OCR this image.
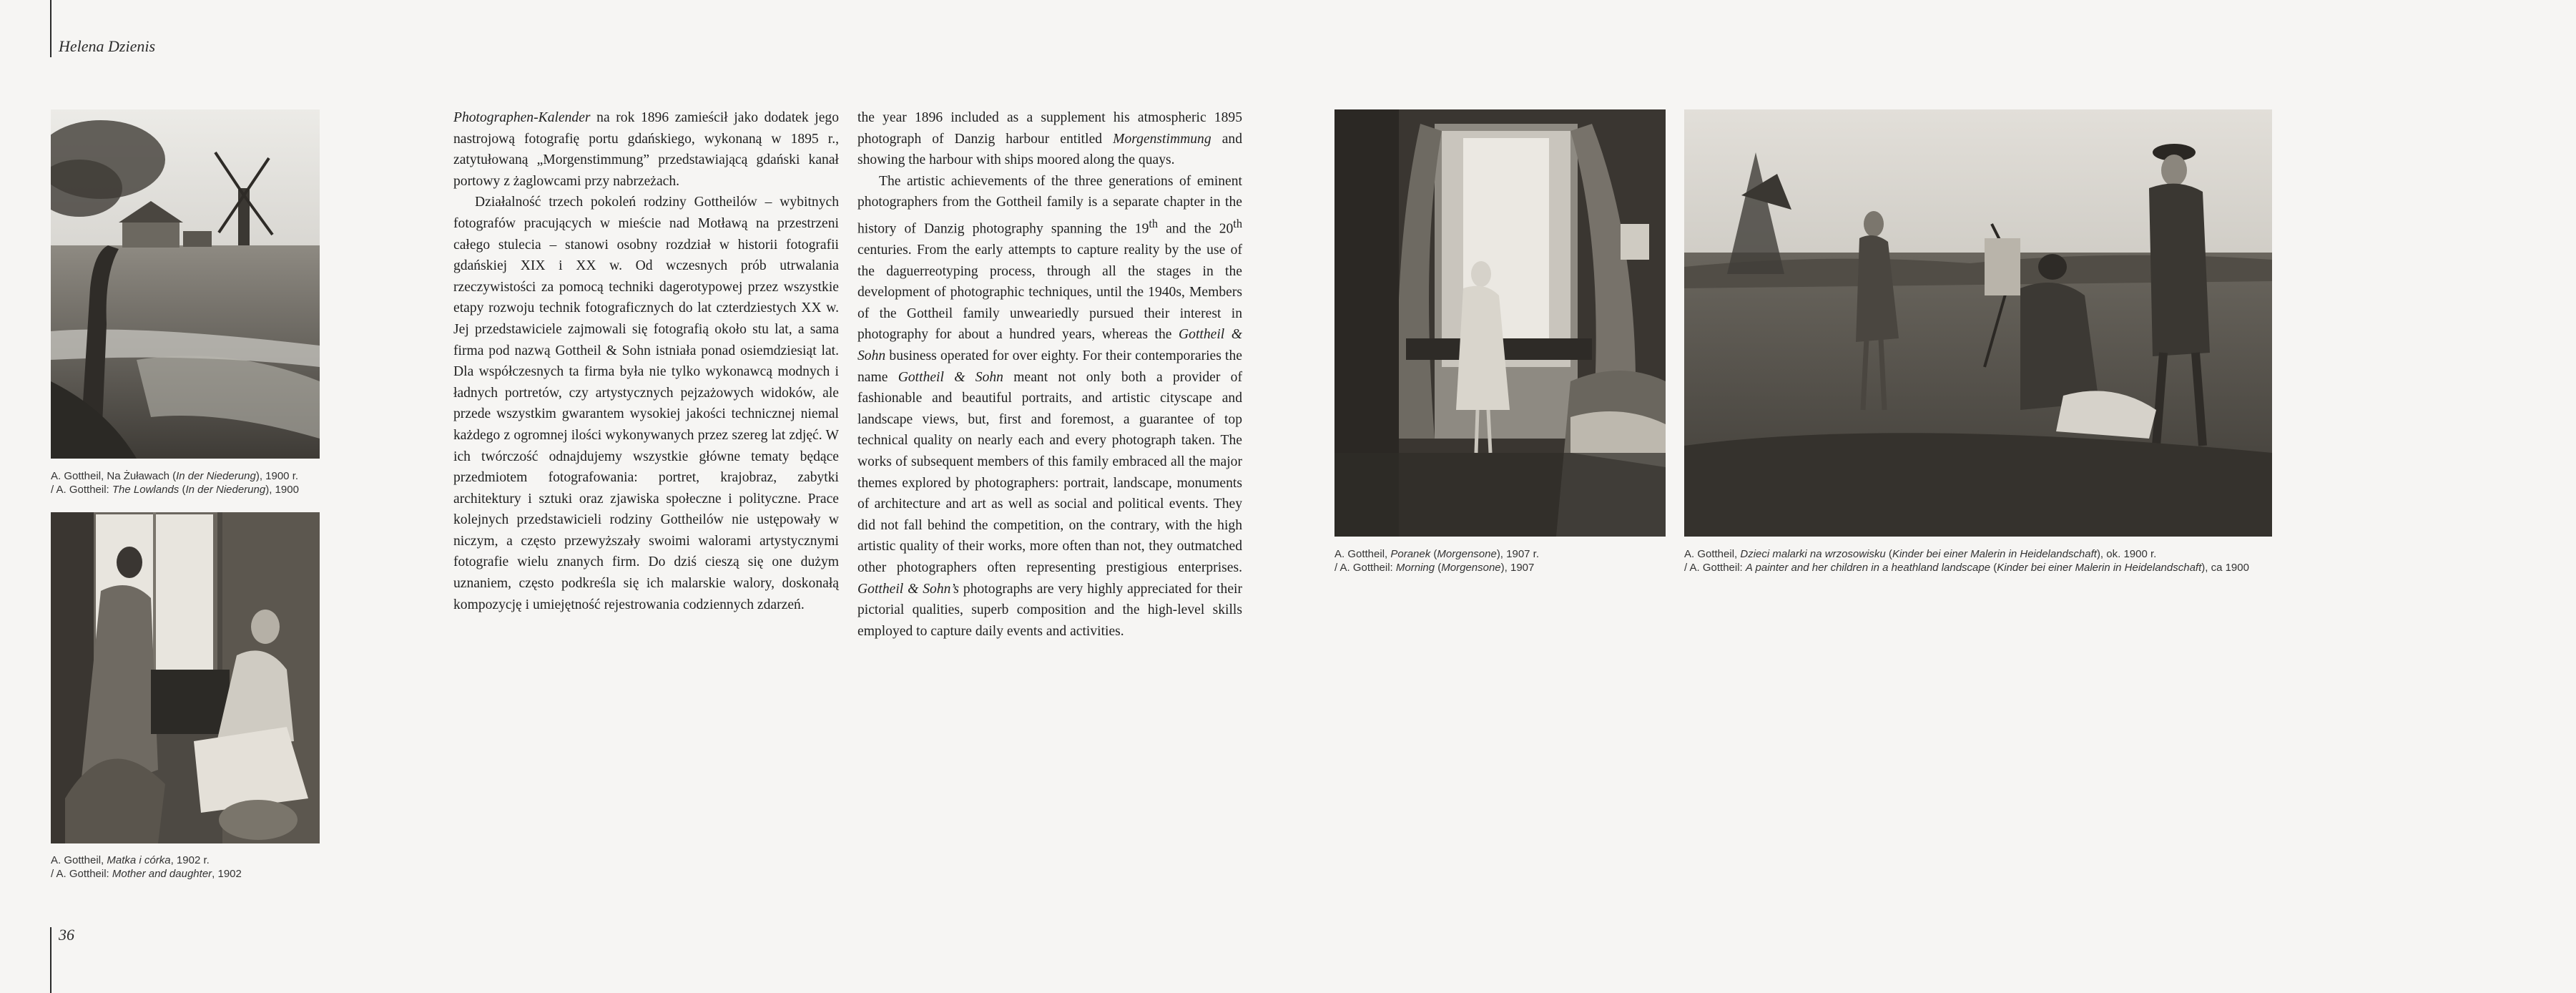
Helena Dzienis
36
A. Gottheil, Na Żuławach (In der Niederung), 1900 r.
/ A. Gottheil: The Lowlands (In der Niederung), 1900
A. Gottheil, Matka i córka, 1902 r.
/ A. Gottheil: Mother and daughter, 1902

Photographen-Kalender na rok 1896 zamieścił jako dodatek jego nastrojową fotografię portu gdańskiego, wykonaną w 1895 r., zatytułowaną „Morgenstimmung” przedstawiającą gdański kanał portowy z żaglowcami przy nabrzeżach.

Działalność trzech pokoleń rodziny Gottheilów – wybitnych fotografów pracujących w mieście nad Motławą na przestrzeni całego stulecia – stanowi osobny rozdział w historii fotografii gdańskiej XIX i XX w. Od wczesnych prób utrwalania rzeczywistości za pomocą techniki dagerotypowej przez wszystkie etapy rozwoju technik fotograficznych do lat czterdziestych XX w. Jej przedstawiciele zajmowali się fotografią około stu lat, a sama firma pod nazwą Gottheil & Sohn istniała ponad osiemdziesiąt lat. Dla współczesnych ta firma była nie tylko wykonawcą modnych i ładnych portretów, czy artystycznych pejzażowych widoków, ale przede wszystkim gwarantem wysokiej jakości technicznej niemal każdego z ogromnej ilości wykonywanych przez szereg lat zdjęć. W ich twórczość odnajdujemy wszystkie główne tematy będące przedmiotem fotografowania: portret, krajobraz, zabytki architektury i sztuki oraz zjawiska społeczne i polityczne. Prace kolejnych przedstawicieli rodziny Gottheilów nie ustępowały w niczym, a często przewyższały swoimi walorami artystycznymi fotografie wielu znanych firm. Do dziś cieszą się one dużym uznaniem, często podkreśla się ich malarskie walory, doskonałą kompozycję i umiejętność rejestrowania codziennych zdarzeń.

the year 1896 included as a supplement his atmospheric 1895 photograph of Danzig harbour entitled Morgenstimmung and showing the harbour with ships moored along the quays.

The artistic achievements of the three generations of eminent photographers from the Gottheil family is a separate chapter in the history of Danzig photography spanning the 19th and the 20th centuries. From the early attempts to capture reality by the use of the daguerreotyping process, through all the stages in the development of photographic techniques, until the 1940s, Members of the Gottheil family unweariedly pursued their interest in photography for about a hundred years, whereas the Gottheil & Sohn business operated for over eighty. For their contemporaries the name Gottheil & Sohn meant not only both a provider of fashionable and beautiful portraits, and artistic cityscape and landscape views, but, first and foremost, a guarantee of top technical quality on nearly each and every photograph taken. The works of subsequent members of this family embraced all the major themes explored by photographers: portrait, landscape, monuments of architecture and art as well as social and political events. They did not fall behind the competition, on the contrary, with the high artistic quality of their works, more often than not, they outmatched other photographers often representing prestigious enterprises. Gottheil & Sohn’s photographs are very highly appreciated for their pictorial qualities, superb composition and the high-level skills employed to capture daily events and activities.

A. Gottheil, Poranek (Morgensone), 1907 r.
/ A. Gottheil: Morning (Morgensone), 1907
A. Gottheil, Dzieci malarki na wrzosowisku (Kinder bei einer Malerin in Heidelandschaft), ok. 1900 r.
/ A. Gottheil: A painter and her children in a heathland landscape (Kinder bei einer Malerin in Heidelandschaft), ca 1900
